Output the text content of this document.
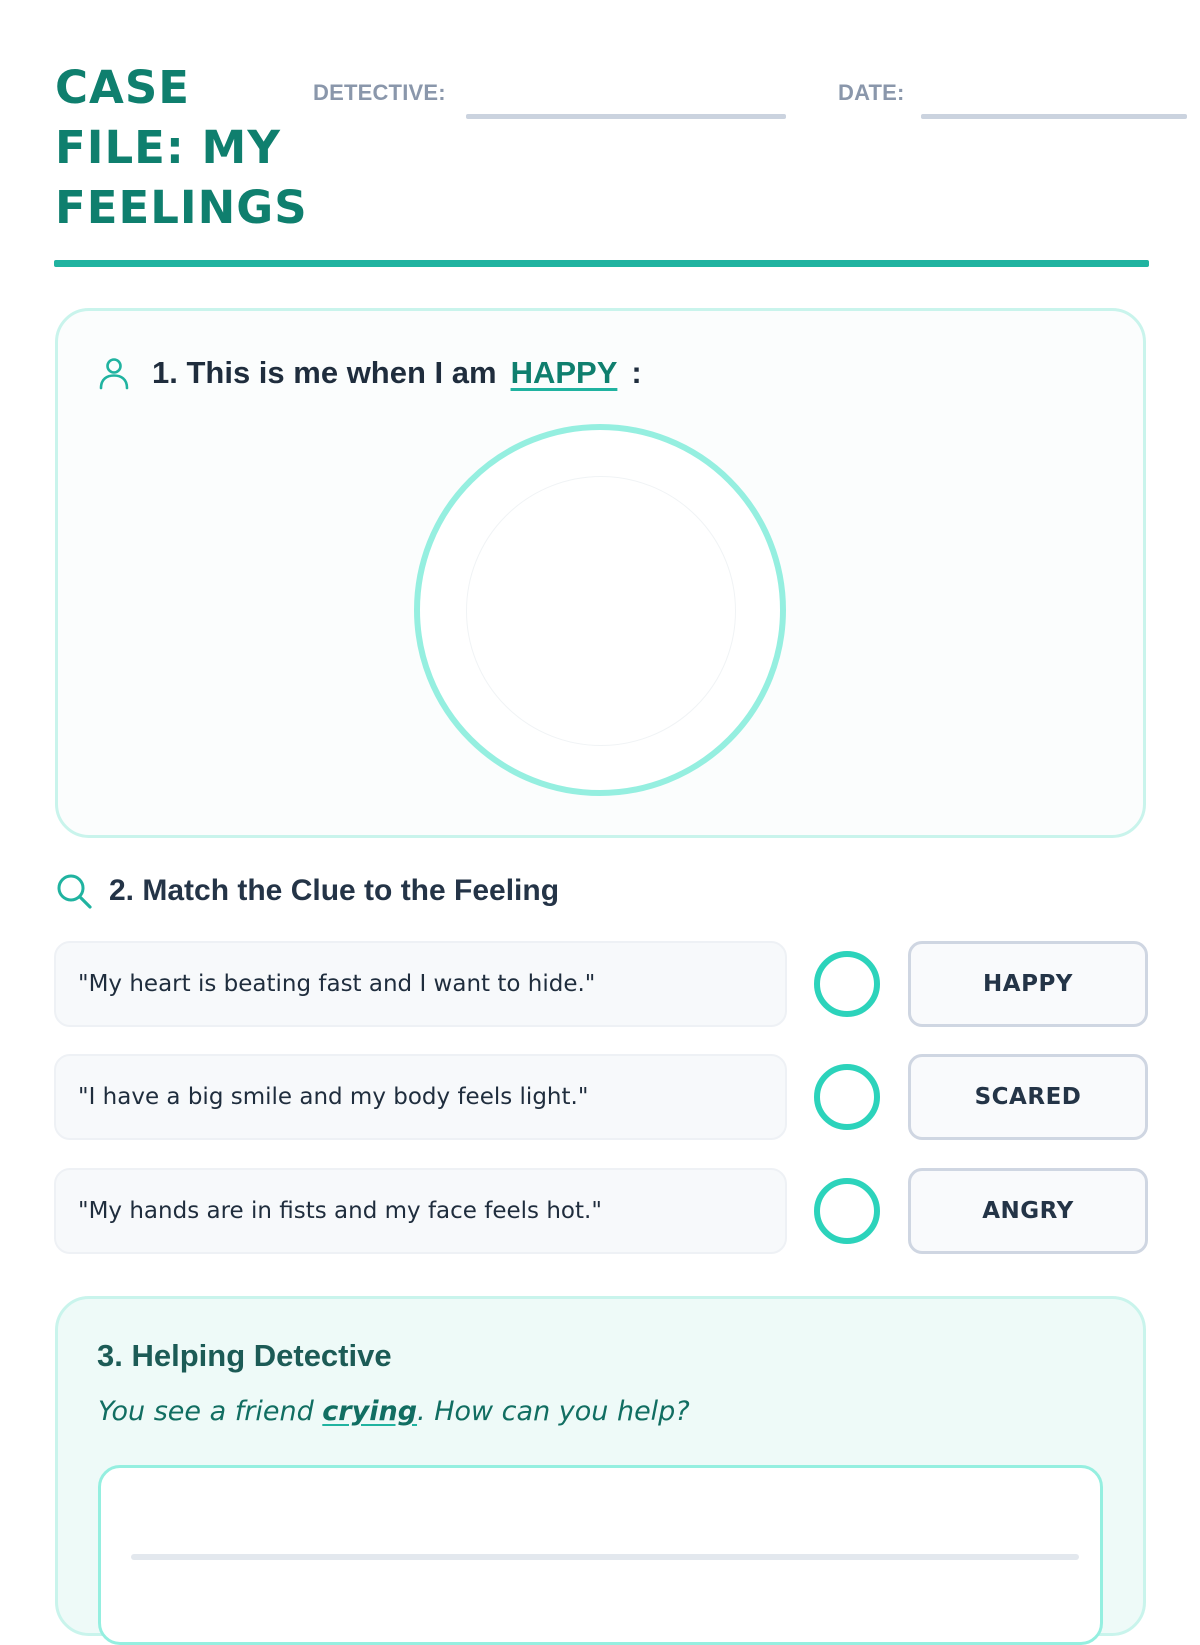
CASE FILE: MY FEELINGS
DETECTIVE:	DATE:
1. This is me when I am HAPPY :
2. Match the Clue to the Feeling
"My heart is beating fast and I want to hide."	HAPPY
"I have a big smile and my body feels light."	SCARED
"My hands are in fists and my face feels hot."	ANGRY
3. Helping Detective
You see a friend crying. How can you help?
